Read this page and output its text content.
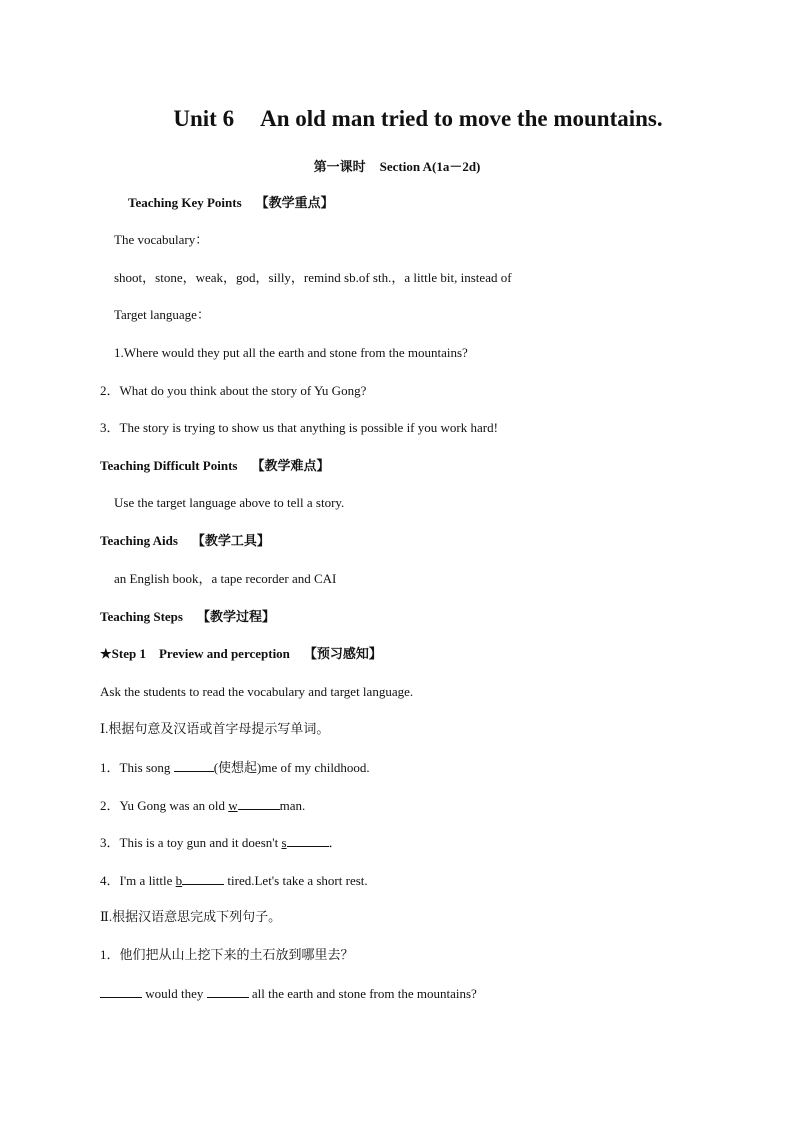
Unit 6 An old man tried to move the mountains.
第一课时 Section A(1a－2d)
Teaching Key Points 【教学重点】
The vocabulary：
shoot，stone，weak，god，silly，remind sb.of sth.，a little bit, instead of
Target language：
1.Where would they put all the earth and stone from the mountains?
2．What do you think about the story of Yu Gong?
3．The story is trying to show us that anything is possible if you work hard!
Teaching Difficult Points 【教学难点】
Use the target language above to tell a story.
Teaching Aids 【教学工具】
an English book，a tape recorder and CAI
Teaching Steps 【教学过程】
★Step 1　Preview and perception 【预习感知】
Ask the students to read the vocabulary and target language.
Ⅰ.根据句意及汉语或首字母提示写单词。
1．This song	(使想起)me of my childhood.
2．Yu Gong was an old w	man.
3．This is a toy gun and it doesn't s	．
4．I'm a little b	tired.Let's take a short rest.
Ⅱ.根据汉语意思完成下列句子。
1．他们把从山上挖下来的土石放到哪里去？
would they	all the earth and stone from the mountains?
